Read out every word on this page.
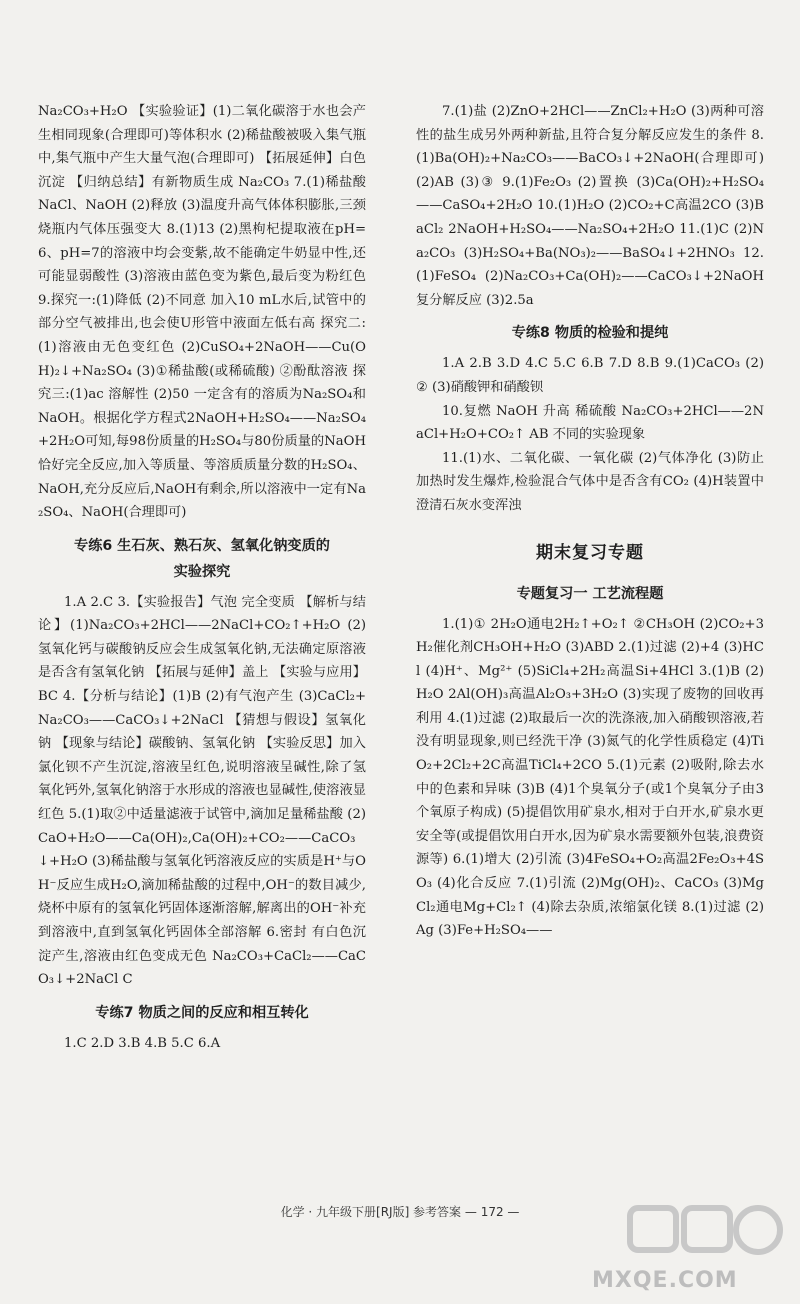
Na₂CO₃+H₂O 【实验验证】(1)二氧化碳溶于水也会产生相同现象(合理即可)等体积水 (2)稀盐酸被吸入集气瓶中,集气瓶中产生大量气泡(合理即可) 【拓展延伸】白色沉淀 【归纳总结】有新物质生成 Na₂CO₃ 7.(1)稀盐酸 NaCl、NaOH (2)释放 (3)温度升高气体体积膨胀,三颈烧瓶内气体压强变大 8.(1)13 (2)黑枸杞提取液在pH=6、pH=7的溶液中均会变紫,故不能确定牛奶显中性,还可能显弱酸性 (3)溶液由蓝色变为紫色,最后变为粉红色 9.探究一:(1)降低 (2)不同意 加入10 mL水后,试管中的部分空气被排出,也会使U形管中液面左低右高 探究二:(1)溶液由无色变红色 (2)CuSO₄+2NaOH——Cu(OH)₂↓+Na₂SO₄ (3)①稀盐酸(或稀硫酸) ②酚酞溶液 探究三:(1)ac 溶解性 (2)50 一定含有的溶质为Na₂SO₄和NaOH。根据化学方程式2NaOH+H₂SO₄——Na₂SO₄+2H₂O可知,每98份质量的H₂SO₄与80份质量的NaOH恰好完全反应,加入等质量、等溶质质量分数的H₂SO₄、NaOH,充分反应后,NaOH有剩余,所以溶液中一定有Na₂SO₄、NaOH(合理即可)

专练6 生石灰、熟石灰、氢氧化钠变质的
实验探究

1.A 2.C 3.【实验报告】气泡 完全变质 【解析与结论】(1)Na₂CO₃+2HCl——2NaCl+CO₂↑+H₂O (2)氢氧化钙与碳酸钠反应会生成氢氧化钠,无法确定原溶液是否含有氢氧化钠 【拓展与延伸】盖上 【实验与应用】BC 4.【分析与结论】(1)B (2)有气泡产生 (3)CaCl₂+Na₂CO₃——CaCO₃↓+2NaCl 【猜想与假设】氢氧化钠 【现象与结论】碳酸钠、氢氧化钠 【实验反思】加入氯化钡不产生沉淀,溶液呈红色,说明溶液呈碱性,除了氢氧化钙外,氢氧化钠溶于水形成的溶液也显碱性,使溶液显红色 5.(1)取②中适量滤液于试管中,滴加足量稀盐酸 (2)CaO+H₂O——Ca(OH)₂,Ca(OH)₂+CO₂——CaCO₃↓+H₂O (3)稀盐酸与氢氧化钙溶液反应的实质是H⁺与OH⁻反应生成H₂O,滴加稀盐酸的过程中,OH⁻的数目减少,烧杯中原有的氢氧化钙固体逐渐溶解,解离出的OH⁻补充到溶液中,直到氢氧化钙固体全部溶解 6.密封 有白色沉淀产生,溶液由红色变成无色 Na₂CO₃+CaCl₂——CaCO₃↓+2NaCl C

专练7 物质之间的反应和相互转化

1.C 2.D 3.B 4.B 5.C 6.A

7.(1)盐 (2)ZnO+2HCl——ZnCl₂+H₂O (3)两种可溶性的盐生成另外两种新盐,且符合复分解反应发生的条件 8.(1)Ba(OH)₂+Na₂CO₃——BaCO₃↓+2NaOH(合理即可) (2)AB (3)③ 9.(1)Fe₂O₃ (2)置换 (3)Ca(OH)₂+H₂SO₄——CaSO₄+2H₂O 10.(1)H₂O (2)CO₂+C高温2CO (3)BaCl₂ 2NaOH+H₂SO₄——Na₂SO₄+2H₂O 11.(1)C (2)Na₂CO₃ (3)H₂SO₄+Ba(NO₃)₂——BaSO₄↓+2HNO₃ 12.(1)FeSO₄ (2)Na₂CO₃+Ca(OH)₂——CaCO₃↓+2NaOH 复分解反应 (3)2.5a

专练8 物质的检验和提纯

1.A 2.B 3.D 4.C 5.C 6.B 7.D 8.B 9.(1)CaCO₃ (2)② (3)硝酸钾和硝酸钡

10.复燃 NaOH 升高 稀硫酸 Na₂CO₃+2HCl——2NaCl+H₂O+CO₂↑ AB 不同的实验现象

11.(1)水、二氧化碳、一氧化碳 (2)气体净化 (3)防止加热时发生爆炸,检验混合气体中是否含有CO₂ (4)H装置中澄清石灰水变浑浊

期末复习专题
专题复习一 工艺流程题

1.(1)① 2H₂O通电2H₂↑+O₂↑ ②CH₃OH (2)CO₂+3H₂催化剂CH₃OH+H₂O (3)ABD 2.(1)过滤 (2)+4 (3)HCl (4)H⁺、Mg²⁺ (5)SiCl₄+2H₂高温Si+4HCl 3.(1)B (2)H₂O 2Al(OH)₃高温Al₂O₃+3H₂O (3)实现了废物的回收再利用 4.(1)过滤 (2)取最后一次的洗涤液,加入硝酸钡溶液,若没有明显现象,则已经洗干净 (3)氮气的化学性质稳定 (4)TiO₂+2Cl₂+2C高温TiCl₄+2CO 5.(1)元素 (2)吸附,除去水中的色素和异味 (3)B (4)1个臭氧分子(或1个臭氧分子由3个氧原子构成) (5)提倡饮用矿泉水,相对于白开水,矿泉水更安全等(或提倡饮用白开水,因为矿泉水需要额外包装,浪费资源等) 6.(1)增大 (2)引流 (3)4FeSO₄+O₂高温2Fe₂O₃+4SO₃ (4)化合反应 7.(1)引流 (2)Mg(OH)₂、CaCO₃ (3)MgCl₂通电Mg+Cl₂↑ (4)除去杂质,浓缩氯化镁 8.(1)过滤 (2)Ag (3)Fe+H₂SO₄——

化学 · 九年级下册[RJ版] 参考答案 — 172 —
MXQE.COM
